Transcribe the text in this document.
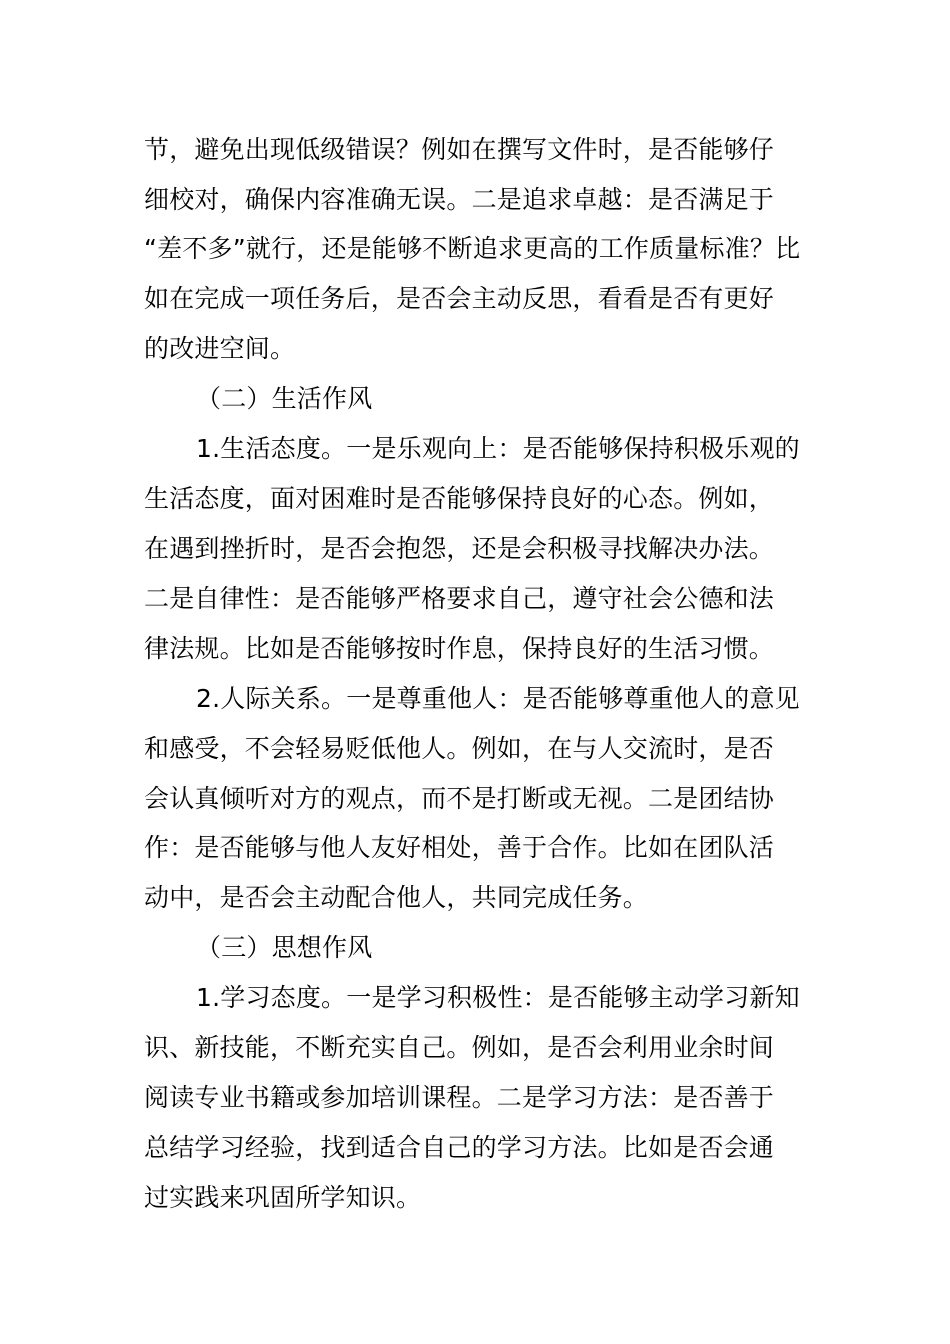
节，避免出现低级错误？例如在撰写文件时，是否能够仔
细校对，确保内容准确无误。二是追求卓越：是否满足于
“差不多”就行，还是能够不断追求更高的工作质量标准？比
如在完成一项任务后，是否会主动反思，看看是否有更好
的改进空间。
（二）生活作风
1.生活态度。一是乐观向上：是否能够保持积极乐观的
生活态度，面对困难时是否能够保持良好的心态。例如，
在遇到挫折时，是否会抱怨，还是会积极寻找解决办法。
二是自律性：是否能够严格要求自己，遵守社会公德和法
律法规。比如是否能够按时作息，保持良好的生活习惯。
2.人际关系。一是尊重他人：是否能够尊重他人的意见
和感受，不会轻易贬低他人。例如，在与人交流时，是否
会认真倾听对方的观点，而不是打断或无视。二是团结协
作：是否能够与他人友好相处，善于合作。比如在团队活
动中，是否会主动配合他人，共同完成任务。
（三）思想作风
1.学习态度。一是学习积极性：是否能够主动学习新知
识、新技能，不断充实自己。例如，是否会利用业余时间
阅读专业书籍或参加培训课程。二是学习方法：是否善于
总结学习经验，找到适合自己的学习方法。比如是否会通
过实践来巩固所学知识。
